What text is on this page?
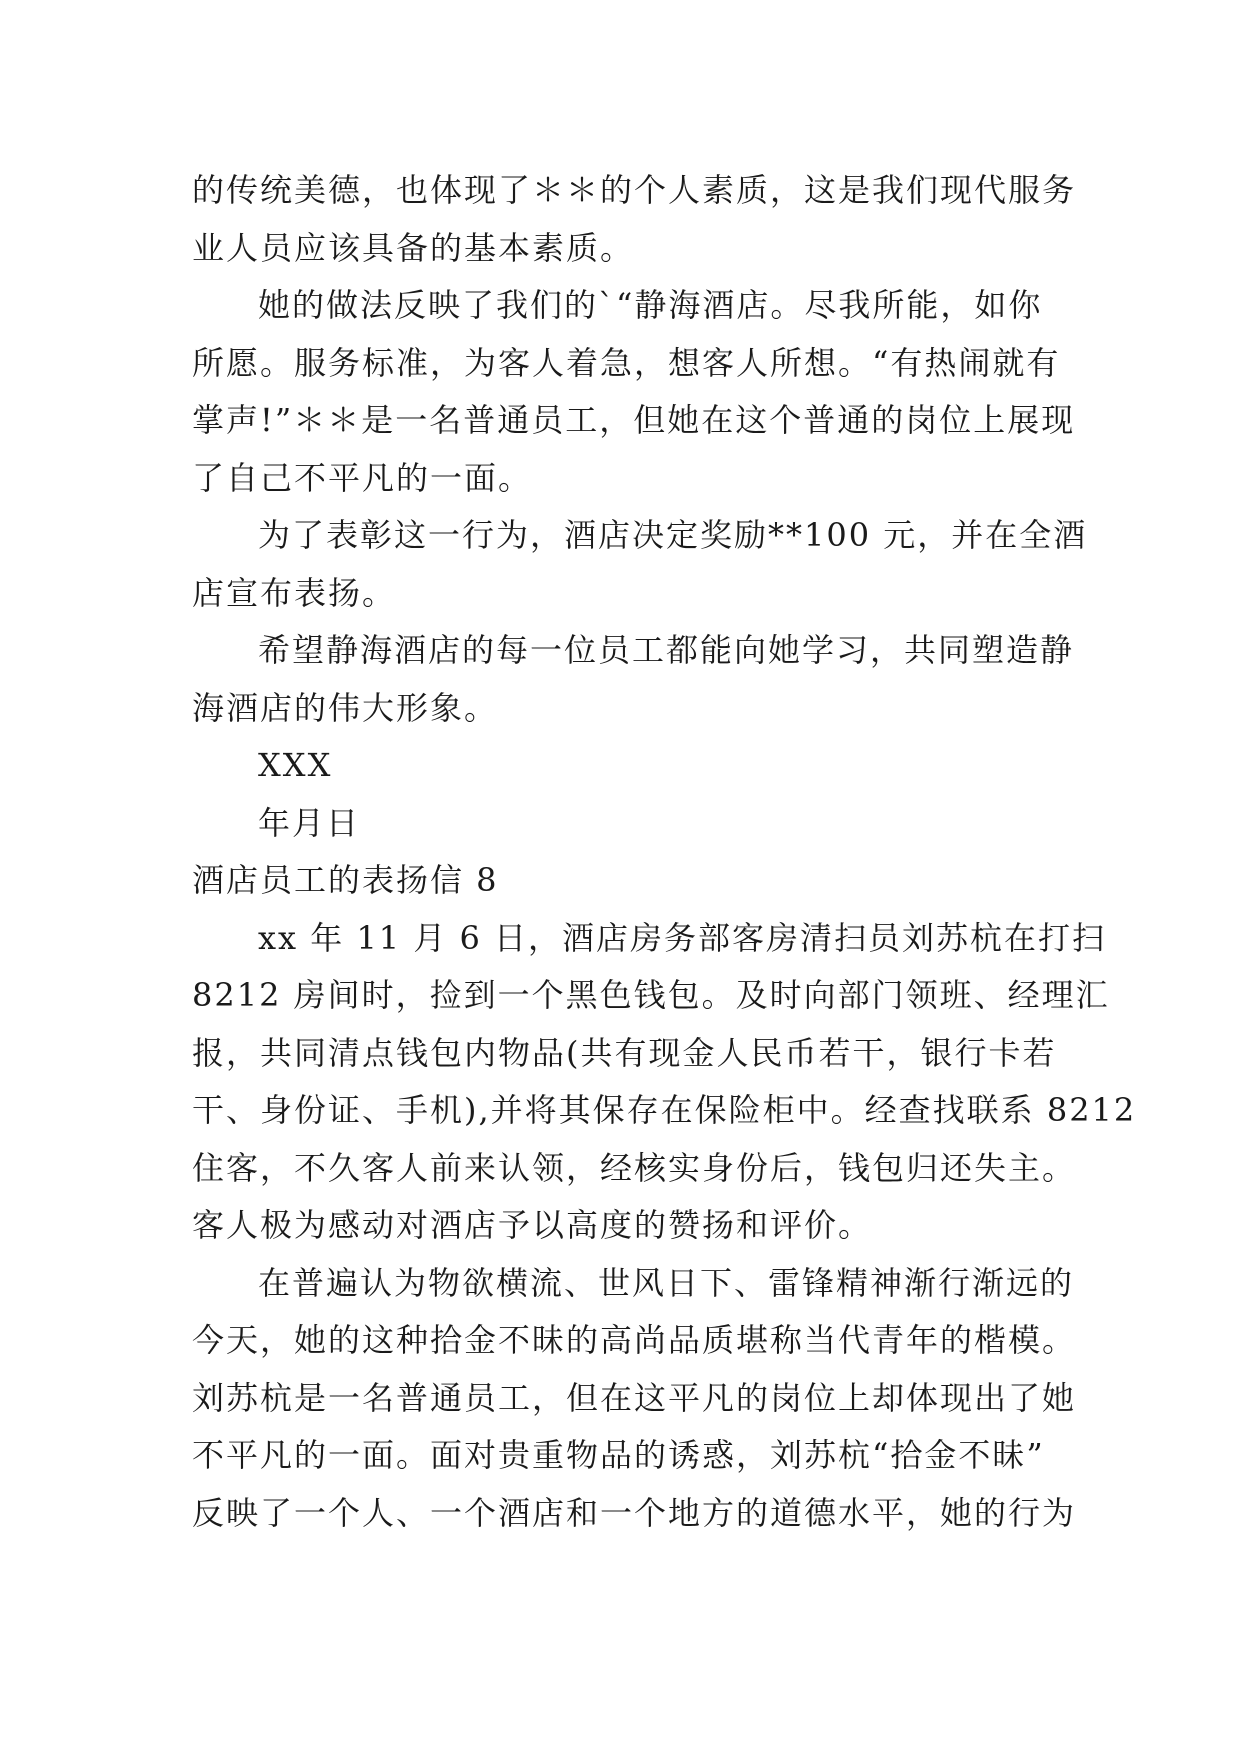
的传统美德，也体现了＊＊的个人素质，这是我们现代服务
业人员应该具备的基本素质。
她的做法反映了我们的`“静海酒店。尽我所能，如你
所愿。服务标准，为客人着急，想客人所想。“有热闹就有
掌声!”＊＊是一名普通员工，但她在这个普通的岗位上展现
了自己不平凡的一面。
为了表彰这一行为，酒店决定奖励**100 元，并在全酒
店宣布表扬。
希望静海酒店的每一位员工都能向她学习，共同塑造静
海酒店的伟大形象。
XXX
年月日
酒店员工的表扬信 8
xx 年 11 月 6 日，酒店房务部客房清扫员刘苏杭在打扫
8212 房间时，捡到一个黑色钱包。及时向部门领班、经理汇
报，共同清点钱包内物品(共有现金人民币若干，银行卡若
干、身份证、手机),并将其保存在保险柜中。经查找联系 8212
住客，不久客人前来认领，经核实身份后，钱包归还失主。
客人极为感动对酒店予以高度的赞扬和评价。
在普遍认为物欲横流、世风日下、雷锋精神渐行渐远的
今天，她的这种拾金不昧的高尚品质堪称当代青年的楷模。
刘苏杭是一名普通员工，但在这平凡的岗位上却体现出了她
不平凡的一面。面对贵重物品的诱惑，刘苏杭“拾金不昧”
反映了一个人、一个酒店和一个地方的道德水平，她的行为
